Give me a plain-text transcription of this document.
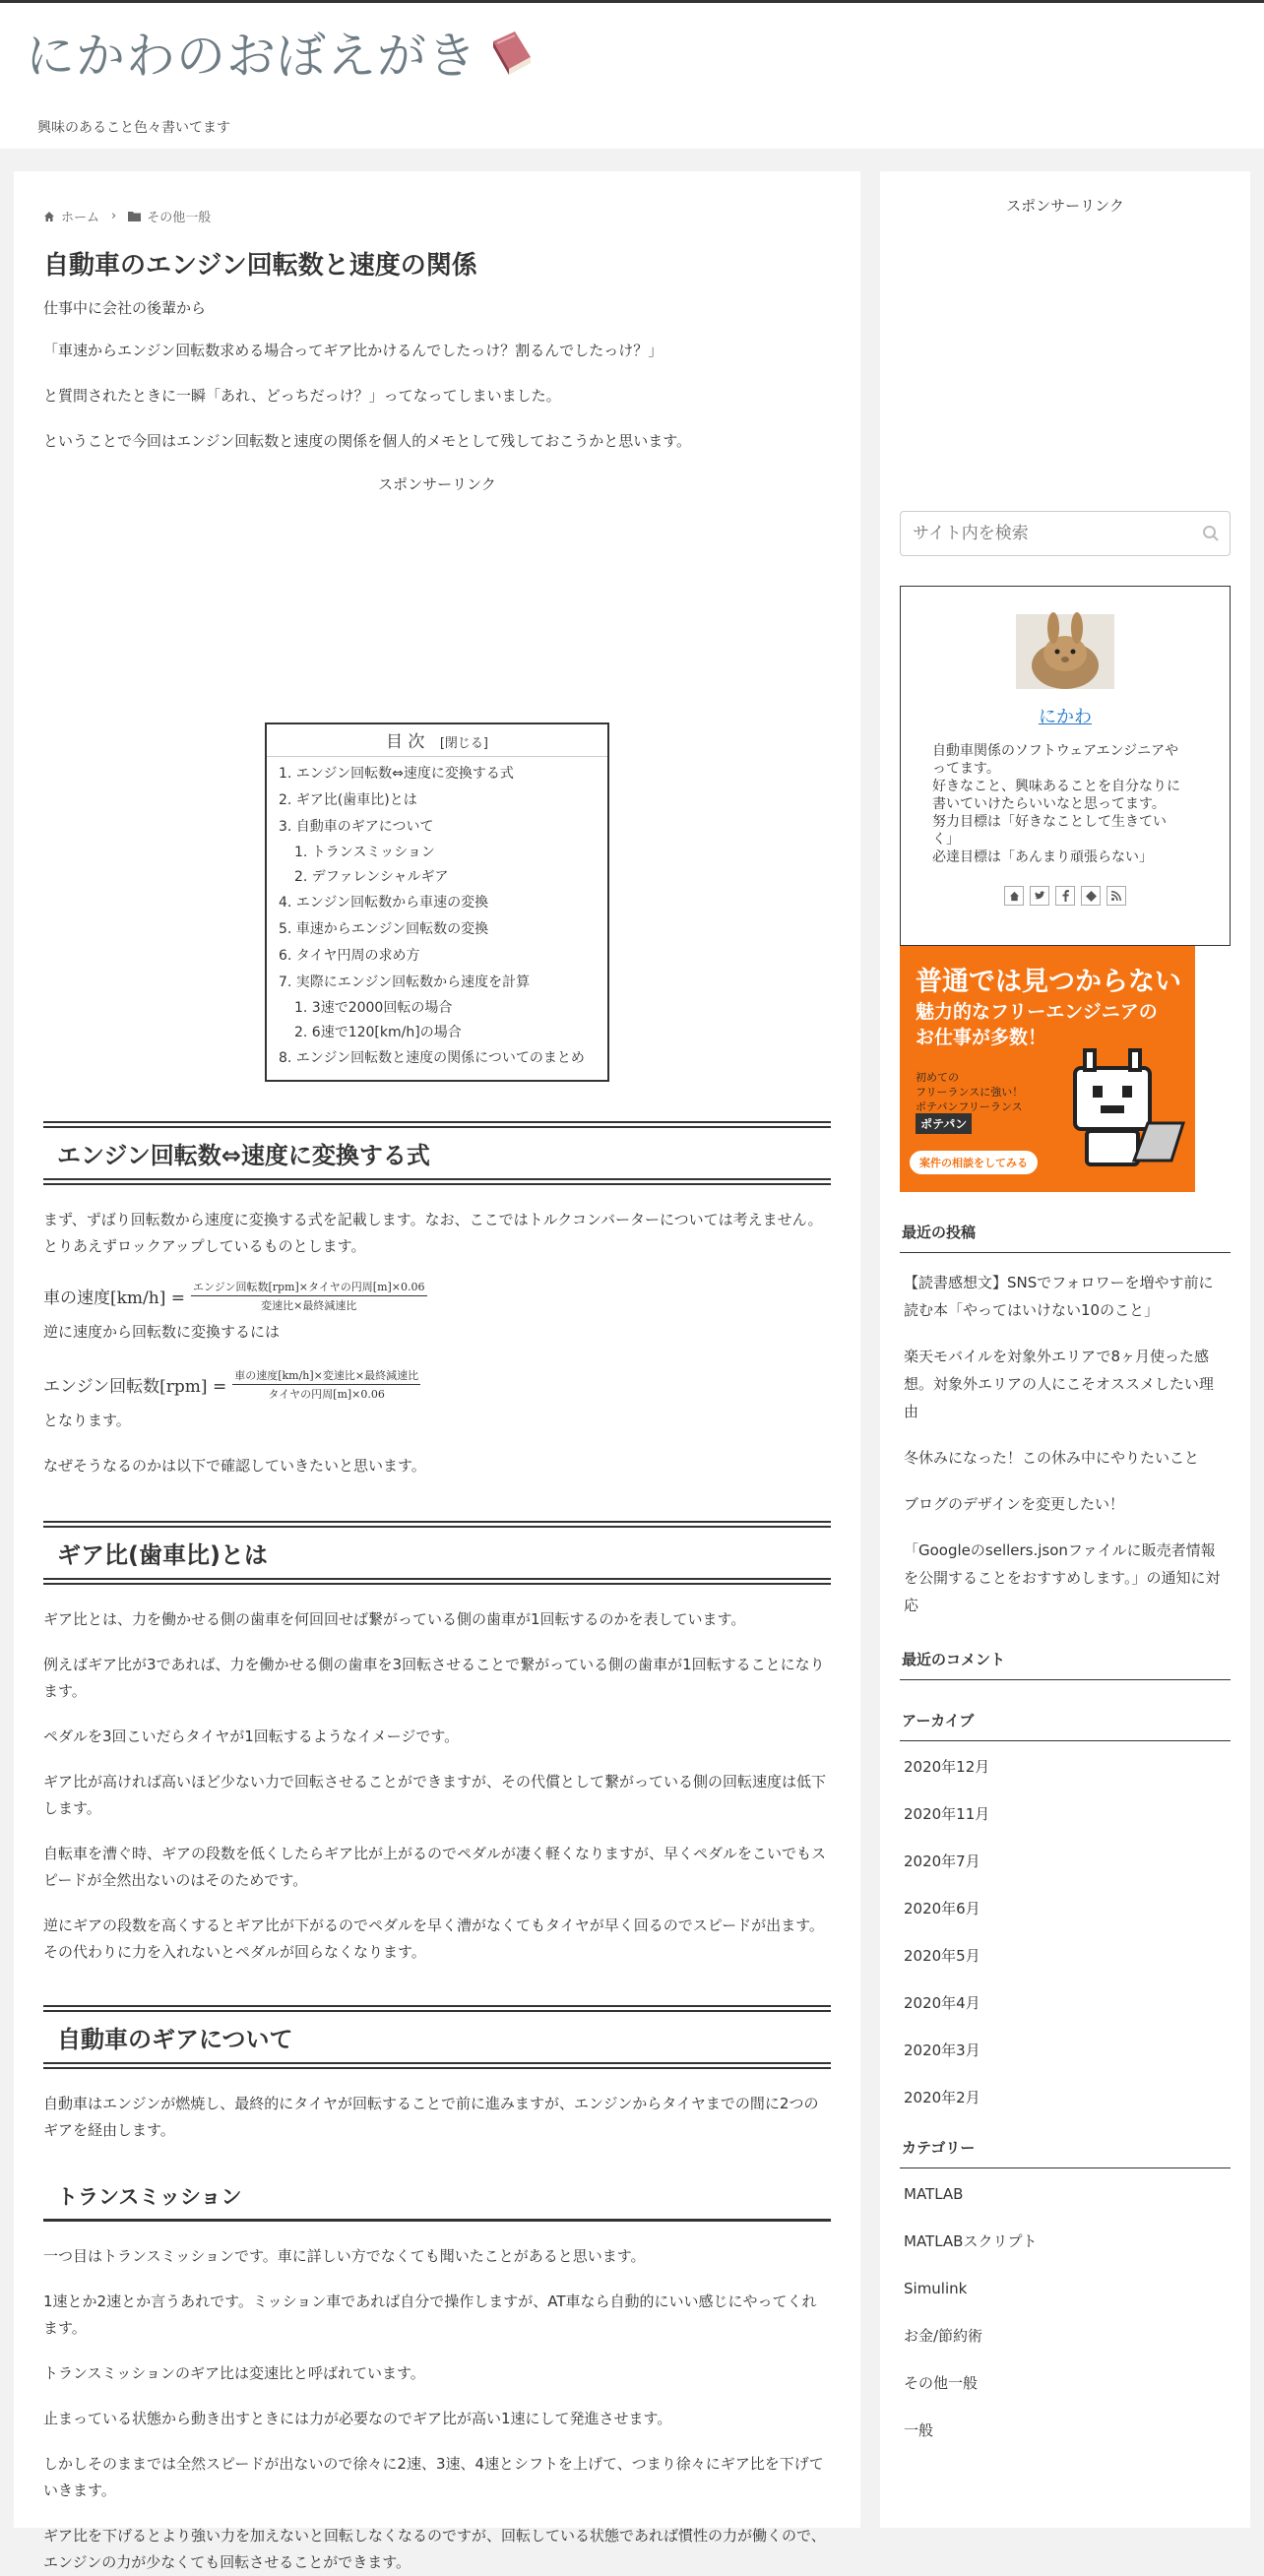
にかわのおぼえがき
興味のあること色々書いてます
ホーム › その他一般
自動車のエンジン回転数と速度の関係

仕事中に会社の後輩から

「車速からエンジン回転数求める場合ってギア比かけるんでしたっけ？割るんでしたっけ？」

と質問されたときに一瞬「あれ、どっちだっけ？」ってなってしまいました。

ということで今回はエンジン回転数と速度の関係を個人的メモとして残しておこうかと思います。

スポンサーリンク
目 次 [閉じる]
1. エンジン回転数⇔速度に変換する式
2. ギア比(歯車比)とは
3. 自動車のギアについて
1. トランスミッション
2. デファレンシャルギア
4. エンジン回転数から車速の変換
5. 車速からエンジン回転数の変換
6. タイヤ円周の求め方
7. 実際にエンジン回転数から速度を計算
1. 3速で2000回転の場合
2. 6速で120[km/h]の場合
8. エンジン回転数と速度の関係についてのまとめ
エンジン回転数⇔速度に変換する式

まず、ずばり回転数から速度に変換する式を記載します。なお、ここではトルクコンバーターについては考えません。とりあえずロックアップしているものとします。

車の速度$[km/h] = \frac{\text{エンジン回転数[rpm]×タイヤの円周[m]×0.06}}{\text{変速比×最終減速比}}$

逆に速度から回転数に変換するには

エンジン回転数$[rpm] = \frac{\text{車の速度[km/h]×変速比×最終減速比}}{\text{タイヤの円周[m]×0.06}}$

となります。

なぜそうなるのかは以下で確認していきたいと思います。

ギア比(歯車比)とは

ギア比とは、力を働かせる側の歯車を何回回せば繋がっている側の歯車が1回転するのかを表しています。

例えばギア比が3であれば、力を働かせる側の歯車を3回転させることで繋がっている側の歯車が1回転することになります。

ペダルを3回こいだらタイヤが1回転するようなイメージです。

ギア比が高ければ高いほど少ない力で回転させることができますが、その代償として繋がっている側の回転速度は低下します。

自転車を漕ぐ時、ギアの段数を低くしたらギア比が上がるのでペダルが凄く軽くなりますが、早くペダルをこいでもスピードが全然出ないのはそのためです。

逆にギアの段数を高くするとギア比が下がるのでペダルを早く漕がなくてもタイヤが早く回るのでスピードが出ます。その代わりに力を入れないとペダルが回らなくなります。

自動車のギアについて

自動車はエンジンが燃焼し、最終的にタイヤが回転することで前に進みますが、エンジンからタイヤまでの間に2つのギアを経由します。

トランスミッション

一つ目はトランスミッションです。車に詳しい方でなくても聞いたことがあると思います。

1速とか2速とか言うあれです。ミッション車であれば自分で操作しますが、AT車なら自動的にいい感じにやってくれます。

トランスミッションのギア比は変速比と呼ばれています。

止まっている状態から動き出すときには力が必要なのでギア比が高い1速にして発進させます。

しかしそのままでは全然スピードが出ないので徐々に2速、3速、4速とシフトを上げて、つまり徐々にギア比を下げていきます。

ギア比を下げるとより強い力を加えないと回転しなくなるのですが、回転している状態であれば慣性の力が働くので、エンジンの力が少なくても回転させることができます。

スポンサーリンク
サイト内を検索
にかわ
自動車関係のソフトウェアエンジニアや
ってます。
好きなこと、興味あることを自分なりに
書いていけたらいいなと思ってます。
努力目標は「好きなことして生きてい
く」
必達目標は「あんまり頑張らない」
普通では見つからない
魅力的なフリーエンジニアの
お仕事が多数！
初めての
フリーランスに強い！
ポテパンフリーランス
ポテパン
案件の相談をしてみる
最近の投稿
【読書感想文】SNSでフォロワーを増やす前に読む本「やってはいけない10のこと」
楽天モバイルを対象外エリアで8ヶ月使った感想。対象外エリアの人にこそオススメしたい理由
冬休みになった！この休み中にやりたいこと
ブログのデザインを変更したい！
「Googleのsellers.jsonファイルに販売者情報を公開することをおすすめします。」の通知に対応
最近のコメント
アーカイブ
2020年12月
2020年11月
2020年7月
2020年6月
2020年5月
2020年4月
2020年3月
2020年2月
カテゴリー
MATLAB
MATLABスクリプト
Simulink
お金/節約術
その他一般
一般
